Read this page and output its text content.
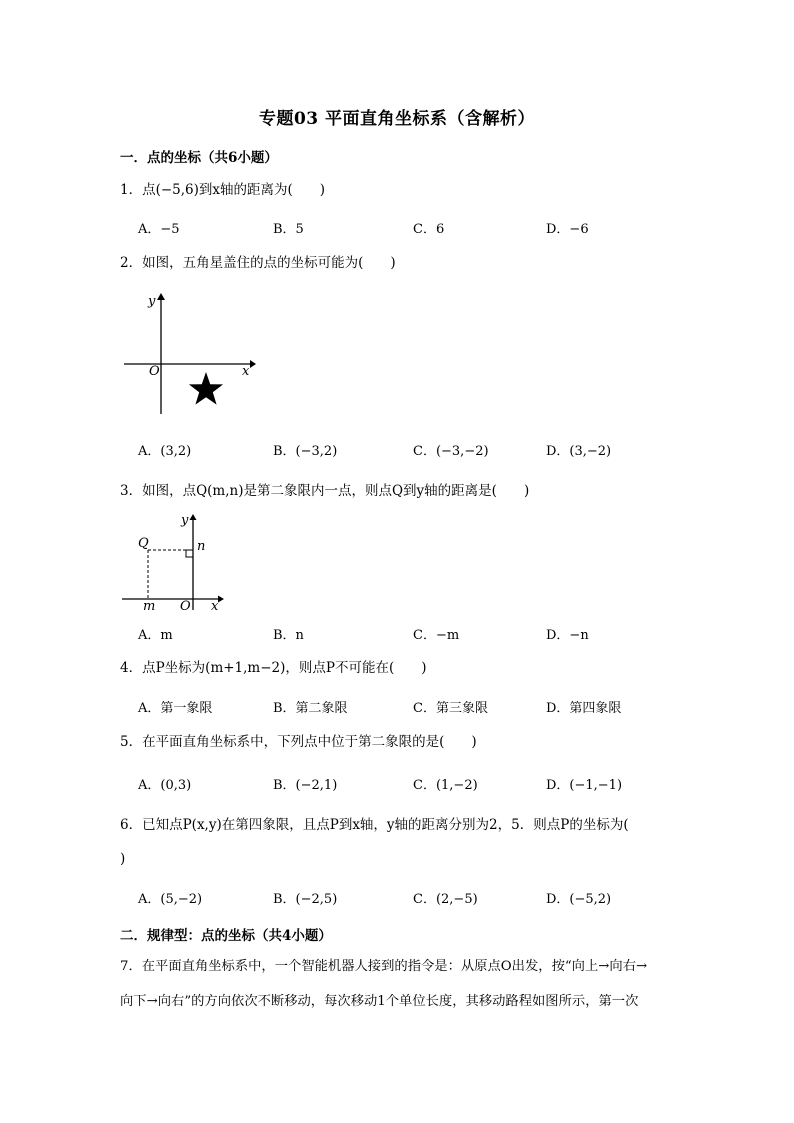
专题03 平面直角坐标系（含解析）
一．点的坐标（共6小题）
1．点(−5,6)到x轴的距离为(　　)
A．−5	B．5	C．6	D．−6
2．如图，五角星盖住的点的坐标可能为(　　)
y
x
O
A．(3,2)	B．(−3,2)	C．(−3,−2)	D．(3,−2)
3．如图，点Q(m,n)是第二象限内一点，则点Q到y轴的距离是(　　)
y
x
O
Q	n
m
A．m	B．n	C．−m	D．−n
4．点P坐标为(m+1,m−2)，则点P不可能在(　　)
A．第一象限	B．第二象限	C．第三象限	D．第四象限
5．在平面直角坐标系中，下列点中位于第二象限的是(　　)
A．(0,3)	B．(−2,1)	C．(1,−2)	D．(−1,−1)
6．已知点P(x,y)在第四象限，且点P到x轴，y轴的距离分别为2，5．则点P的坐标为(
)
A．(5,−2)	B．(−2,5)	C．(2,−5)	D．(−5,2)
二．规律型：点的坐标（共4小题）
7．在平面直角坐标系中，一个智能机器人接到的指令是：从原点O出发，按“向上→向右→
向下→向右”的方向依次不断移动，每次移动1个单位长度，其移动路程如图所示，第一次
